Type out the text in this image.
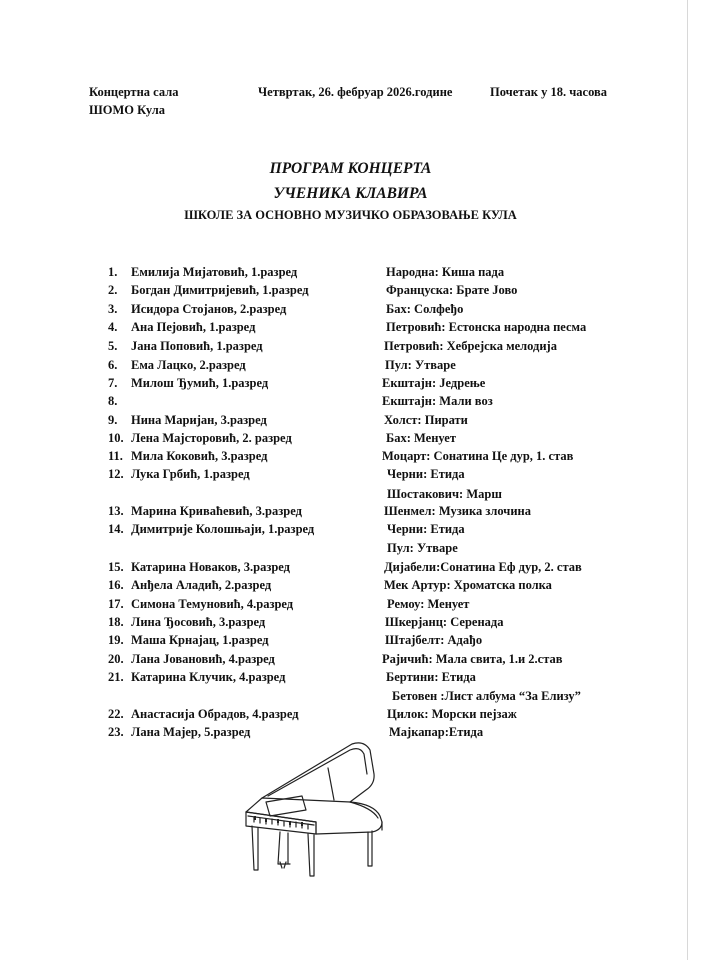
Концертна сала
ШОМО Кула
Четвртак, 26. фебруар 2026.године	Почетак у 18. часова
ПРОГРАМ КОНЦЕРТА
УЧЕНИКА КЛАВИРА
ШКОЛЕ ЗА ОСНОВНО МУЗИЧКО ОБРАЗОВАЊЕ КУЛА
1. Емилија Мијатовић, 1.разред	Народна: Киша пада
2. Богдан Димитријевић, 1.разред	Француска: Брате Јово
3. Исидора Стојанов, 2.разред	Бах: Солфеђо
4. Ана Пејовић, 1.разред	Петровић: Естонска народна песма
5. Јана Поповић, 1.разред	Петровић: Хебрејска мелодија
6. Ема Лацко, 2.разред	Пул: Утваре
7. Милош Ђумић, 1.разред	Екштајн: Једрење
8.	Екштајн: Мали воз
9. Нина Маријан, 3.разред	Холст: Пирати
10. Лена Мајсторовић, 2. разред	Бах: Менует
11. Мила Коковић, 3.разред	Моцарт: Сонатина Це дур, 1. став
12. Лука Грбић, 1.разред	Черни: Етида
Шостакович: Марш
13. Марина Криваћевић, 3.разред	Шенмел: Музика злочина
14. Димитрије Колошњаји, 1.разред	Черни: Етида
Пул: Утваре
15. Катарина Новаков, 3.разред	Дијабели:Сонатина Еф дур, 2. став
16. Анђела Аладић, 2.разред	Мек Артур: Хроматска полка
17. Симона Темуновић, 4.разред	Ремоу: Менует
18. Лина Ђосовић, 3.разред	Шкерјанц: Серенада
19. Маша Крнајац, 1.разред	Штајбелт: Адађо
20. Лана Јовановић, 4.разред	Рајичић: Мала свита, 1.и 2.став
21. Катарина Клучик, 4.разред	Бертини: Етида
Бетовен :Лист албума “За Елизу”
22. Анастасија Обрадов, 4.разред	Цилок: Морски пејзаж
23. Лана Мајер, 5.разред	Мајкапар:Етида
